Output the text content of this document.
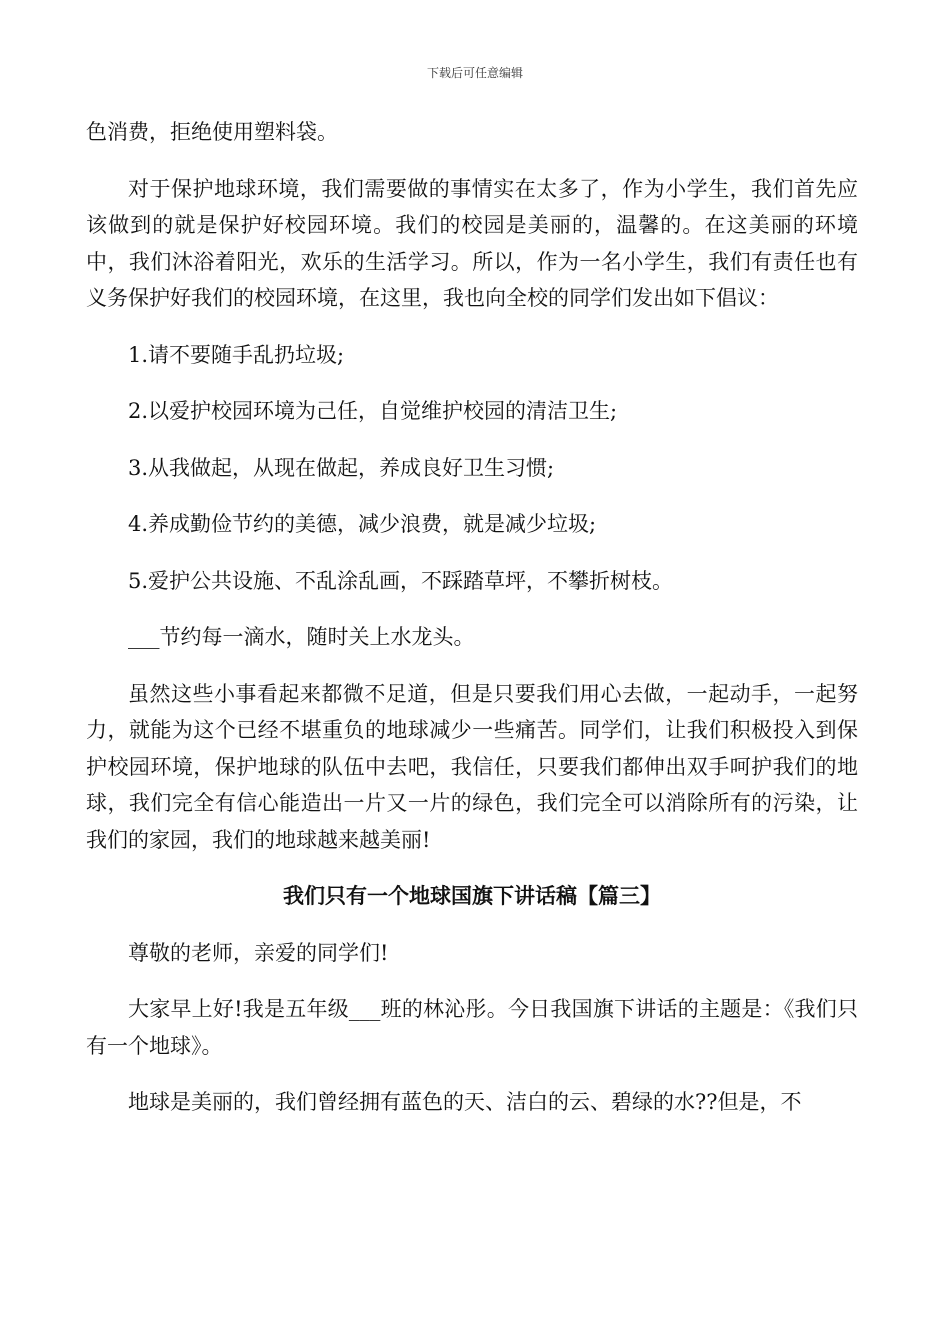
下载后可任意编辑

色消费，拒绝使用塑料袋。

对于保护地球环境，我们需要做的事情实在太多了，作为小学生，我们首先应该做到的就是保护好校园环境。我们的校园是美丽的，温馨的。在这美丽的环境中，我们沐浴着阳光，欢乐的生活学习。所以，作为一名小学生，我们有责任也有义务保护好我们的校园环境，在这里，我也向全校的同学们发出如下倡议：

1.请不要随手乱扔垃圾;

2.以爱护校园环境为己任，自觉维护校园的清洁卫生;

3.从我做起，从现在做起，养成良好卫生习惯;

4.养成勤俭节约的美德，减少浪费，就是减少垃圾;

5.爱护公共设施、不乱涂乱画，不踩踏草坪，不攀折树枝。

___节约每一滴水，随时关上水龙头。

虽然这些小事看起来都微不足道，但是只要我们用心去做，一起动手，一起努力，就能为这个已经不堪重负的地球减少一些痛苦。同学们，让我们积极投入到保护校园环境，保护地球的队伍中去吧，我信任，只要我们都伸出双手呵护我们的地球，我们完全有信心能造出一片又一片的绿色，我们完全可以消除所有的污染，让我们的家园，我们的地球越来越美丽!

我们只有一个地球国旗下讲话稿【篇三】

尊敬的老师，亲爱的同学们!

大家早上好!我是五年级___班的林沁彤。今日我国旗下讲话的主题是：《我们只有一个地球》。

地球是美丽的，我们曾经拥有蓝色的天、洁白的云、碧绿的水??但是，不
